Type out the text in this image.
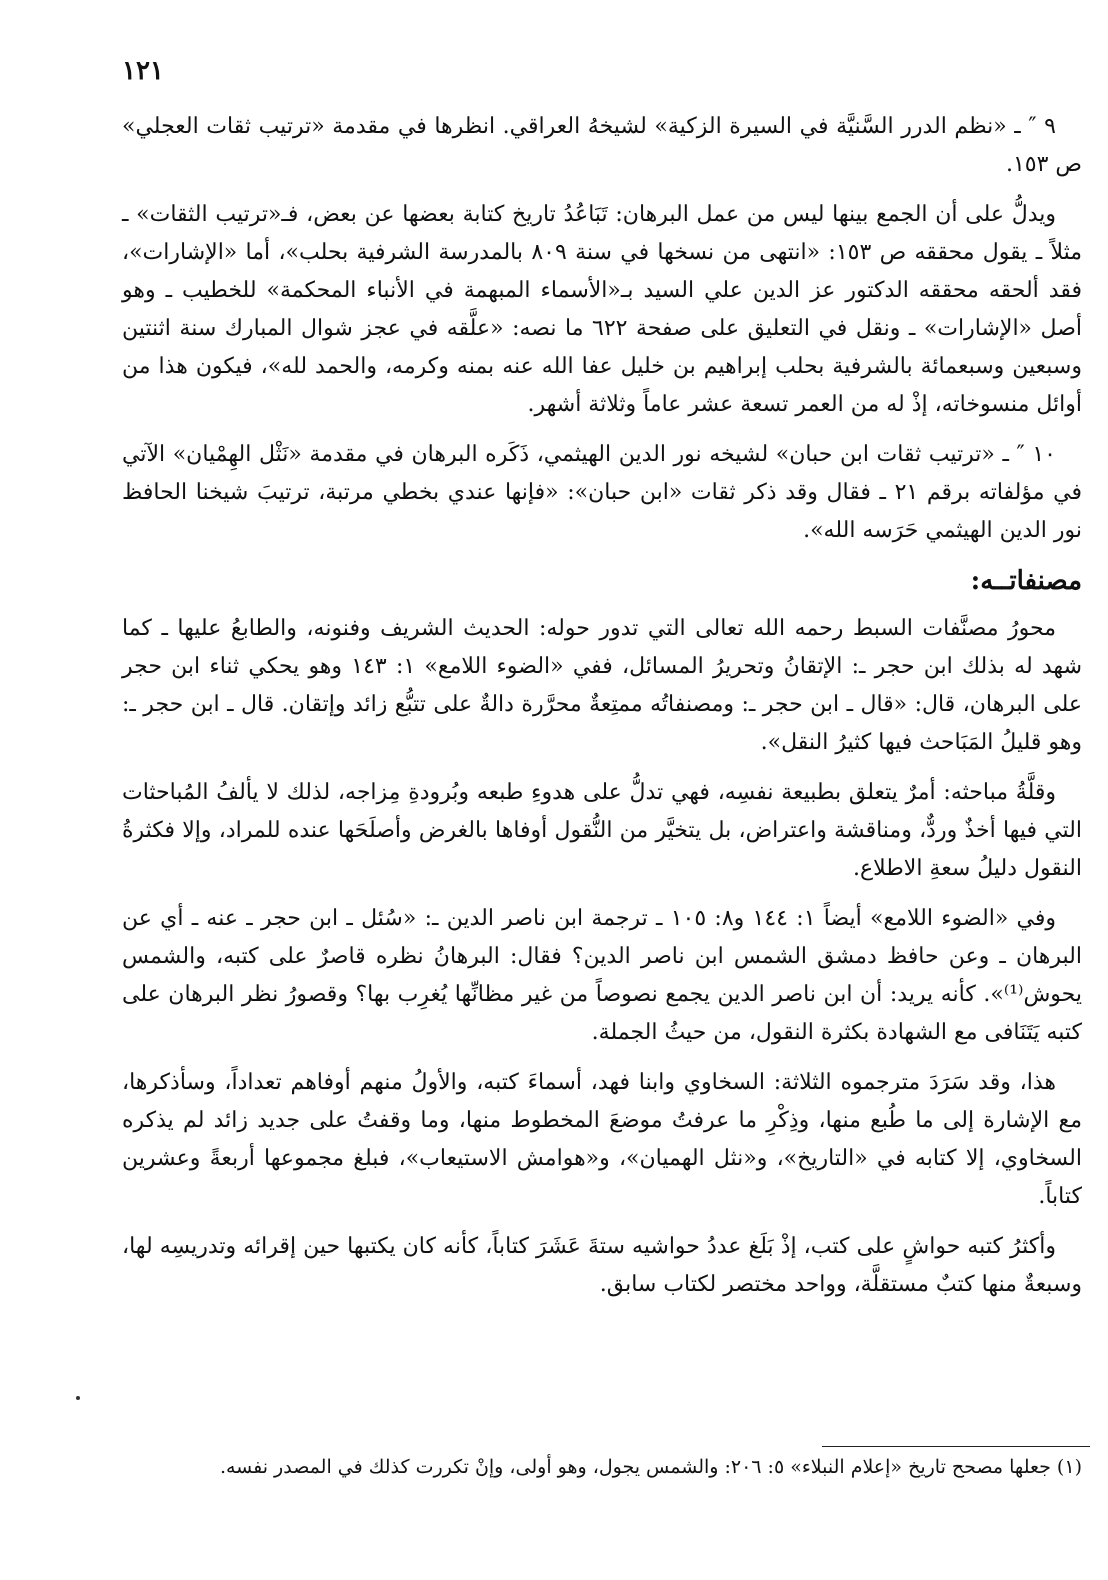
١٢١

٩ ″ ـ «نظم الدرر السَّنيَّة في السيرة الزكية» لشيخهُ العراقي. انظرها في مقدمة «ترتيب ثقات العجلي» ص ١٥٣.

ويدلُّ على أن الجمع بينها ليس من عمل البرهان: تَبَاعُدُ تاريخ كتابة بعضها عن بعض، فـ«ترتيب الثقات» ـ مثلاً ـ يقول محققه ص ١٥٣: «انتهى من نسخها في سنة ٨٠٩ بالمدرسة الشرفية بحلب»، أما «الإشارات»، فقد ألحقه محققه الدكتور عز الدين علي السيد بـ«الأسماء المبهمة في الأنباء المحكمة» للخطيب ـ وهو أصل «الإشارات» ـ ونقل في التعليق على صفحة ٦٢٢ ما نصه: «علَّقه في عجز شوال المبارك سنة اثنتين وسبعين وسبعمائة بالشرفية بحلب إبراهيم بن خليل عفا الله عنه بمنه وكرمه، والحمد لله»، فيكون هذا من أوائل منسوخاته، إذْ له من العمر تسعة عشر عاماً وثلاثة أشهر.

١٠ ″ ـ «ترتيب ثقات ابن حبان» لشيخه نور الدين الهيثمي، ذَكَره البرهان في مقدمة «نَثْل الهِمْيان» الآتي في مؤلفاته برقم ٢١ ـ فقال وقد ذكر ثقات «ابن حبان»: «فإنها عندي بخطي مرتبة، ترتيبَ شيخنا الحافظ نور الدين الهيثمي حَرَسه الله».

مصنفاتــه:

محورُ مصنَّفات السبط رحمه الله تعالى التي تدور حوله: الحديث الشريف وفنونه، والطابعُ عليها ـ كما شهد له بذلك ابن حجر ـ: الإتقانُ وتحريرُ المسائل، ففي «الضوء اللامع» ١: ١٤٣ وهو يحكي ثناء ابن حجر على البرهان، قال: «قال ـ ابن حجر ـ: ومصنفاتُه ممتِعةٌ محرَّرة دالةٌ على تتبُّع زائد وإتقان. قال ـ ابن حجر ـ: وهو قليلُ المَبَاحث فيها كثيرُ النقل».

وقلَّةُ مباحثه: أمرٌ يتعلق بطبيعة نفسِه، فهي تدلُّ على هدوءِ طبعه وبُرودةِ مِزاجه، لذلك لا يألفُ المُباحثات التي فيها أخذٌ وردٌّ، ومناقشة واعتراض، بل يتخيَّر من النُّقول أوفاها بالغرض وأصلَحَها عنده للمراد، وإلا فكثرةُ النقول دليلُ سعةِ الاطلاع.

وفي «الضوء اللامع» أيضاً ١: ١٤٤ و٨: ١٠٥ ـ ترجمة ابن ناصر الدين ـ: «سُئل ـ ابن حجر ـ عنه ـ أي عن البرهان ـ وعن حافظ دمشق الشمس ابن ناصر الدين؟ فقال: البرهانُ نظره قاصرٌ على كتبه، والشمس يحوش⁽¹⁾». كأنه يريد: أن ابن ناصر الدين يجمع نصوصاً من غير مظانِّها يُغرِب بها؟ وقصورُ نظر البرهان على كتبه يَتَنَافى مع الشهادة بكثرة النقول، من حيثُ الجملة.

هذا، وقد سَرَدَ مترجموه الثلاثة: السخاوي وابنا فهد، أسماءَ كتبه، والأولُ منهم أوفاهم تعداداً، وسأذكرها، مع الإشارة إلى ما طُبع منها، وذِكْرِ ما عرفتُ موضعَ المخطوط منها، وما وقفتُ على جديد زائد لم يذكره السخاوي، إلا كتابه في «التاريخ»، و«نثل الهميان»، و«هوامش الاستيعاب»، فبلغ مجموعها أربعةً وعشرين كتاباً.

وأكثرُ كتبه حواشٍ على كتب، إذْ بَلَغ عددُ حواشيه ستةَ عَشَرَ كتاباً، كأنه كان يكتبها حين إقرائه وتدريسِه لها، وسبعةٌ منها كتبٌ مستقلَّة، وواحد مختصر لكتاب سابق.

(١) جعلها مصحح تاريخ «إعلام النبلاء» ٥: ٢٠٦: والشمس يجول، وهو أولى، وإنْ تكررت كذلك في المصدر نفسه.
